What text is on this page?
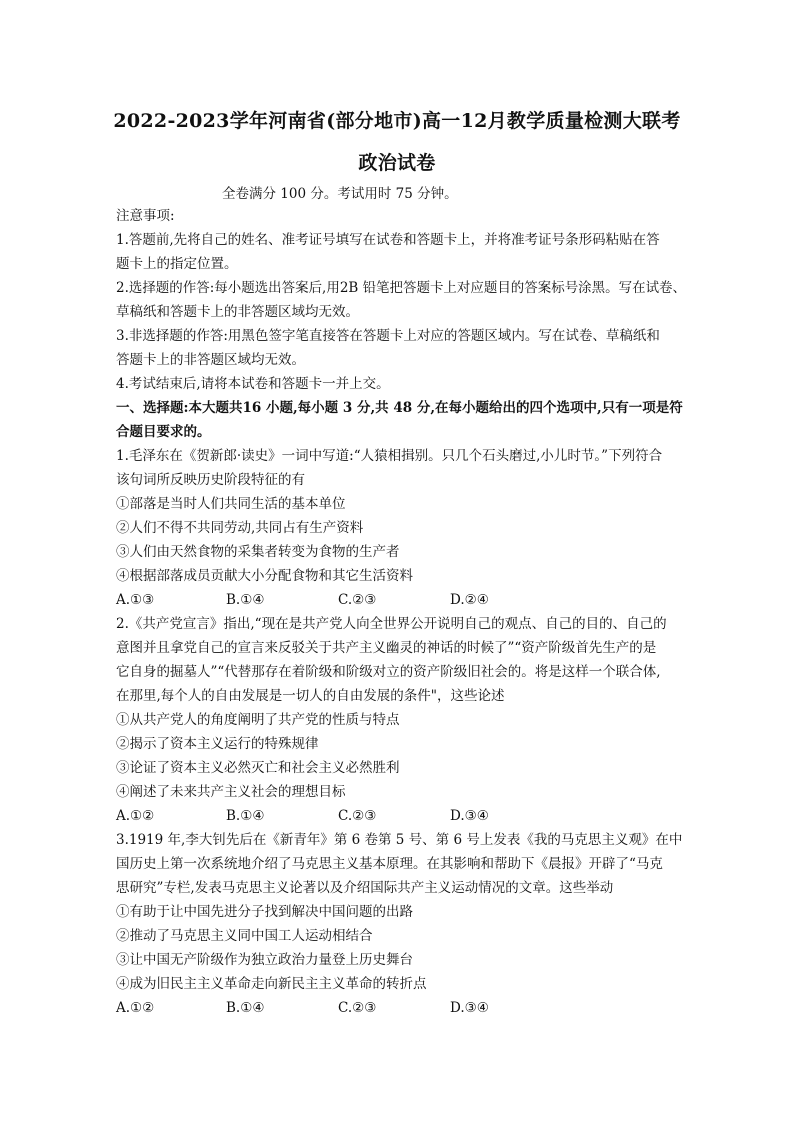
2022-2023学年河南省(部分地市)高一12月教学质量检测大联考
政治试卷
全卷满分 100 分。考试用时 75 分钟。
注意事项:
1.答题前,先将自己的姓名、准考证号填写在试卷和答题卡上，并将准考证号条形码粘贴在答
题卡上的指定位置。
2.选择题的作答:每小题选出答案后,用2B 铅笔把答题卡上对应题目的答案标号涂黑。写在试卷、
草稿纸和答题卡上的非答题区域均无效。
3.非选择题的作答:用黑色签字笔直接答在答题卡上对应的答题区域内。写在试卷、草稿纸和
答题卡上的非答题区域均无效。
4.考试结束后,请将本试卷和答题卡一并上交。
一、选择题:本大题共16 小题,每小题 3 分,共 48 分,在每小题给出的四个选项中,只有一项是符
合题目要求的。
1.毛泽东在《贺新郎·读史》一词中写道:“人猿相揖别。只几个石头磨过,小儿时节。”下列符合
该句词所反映历史阶段特征的有
①部落是当时人们共同生活的基本单位
②人们不得不共同劳动,共同占有生产资料
③人们由天然食物的采集者转变为食物的生产者
④根据部落成员贡献大小分配食物和其它生活资料
A.①③	B.①④	C.②③	D.②④
2.《共产党宣言》指出,“现在是共产党人向全世界公开说明自己的观点、自己的目的、自己的
意图并且拿党自己的宣言来反驳关于共产主义幽灵的神话的时候了”“资产阶级首先生产的是
它自身的掘墓人”“代替那存在着阶级和阶级对立的资产阶级旧社会的。将是这样一个联合体,
在那里,每个人的自由发展是一切人的自由发展的条件"，这些论述
①从共产党人的角度阐明了共产党的性质与特点
②揭示了资本主义运行的特殊规律
③论证了资本主义必然灭亡和社会主义必然胜利
④阐述了未来共产主义社会的理想目标
A.①②	B.①④	C.②③	D.③④
3.1919 年,李大钊先后在《新青年》第 6 卷第 5 号、第 6 号上发表《我的马克思主义观》在中
国历史上第一次系统地介绍了马克思主义基本原理。在其影响和帮助下《晨报》开辟了“马克
思研究”专栏,发表马克思主义论著以及介绍国际共产主义运动情况的文章。这些举动
①有助于让中国先进分子找到解决中国问题的出路
②推动了马克思主义同中国工人运动相结合
③让中国无产阶级作为独立政治力量登上历史舞台
④成为旧民主主义革命走向新民主主义革命的转折点
A.①②	B.①④	C.②③	D.③④
